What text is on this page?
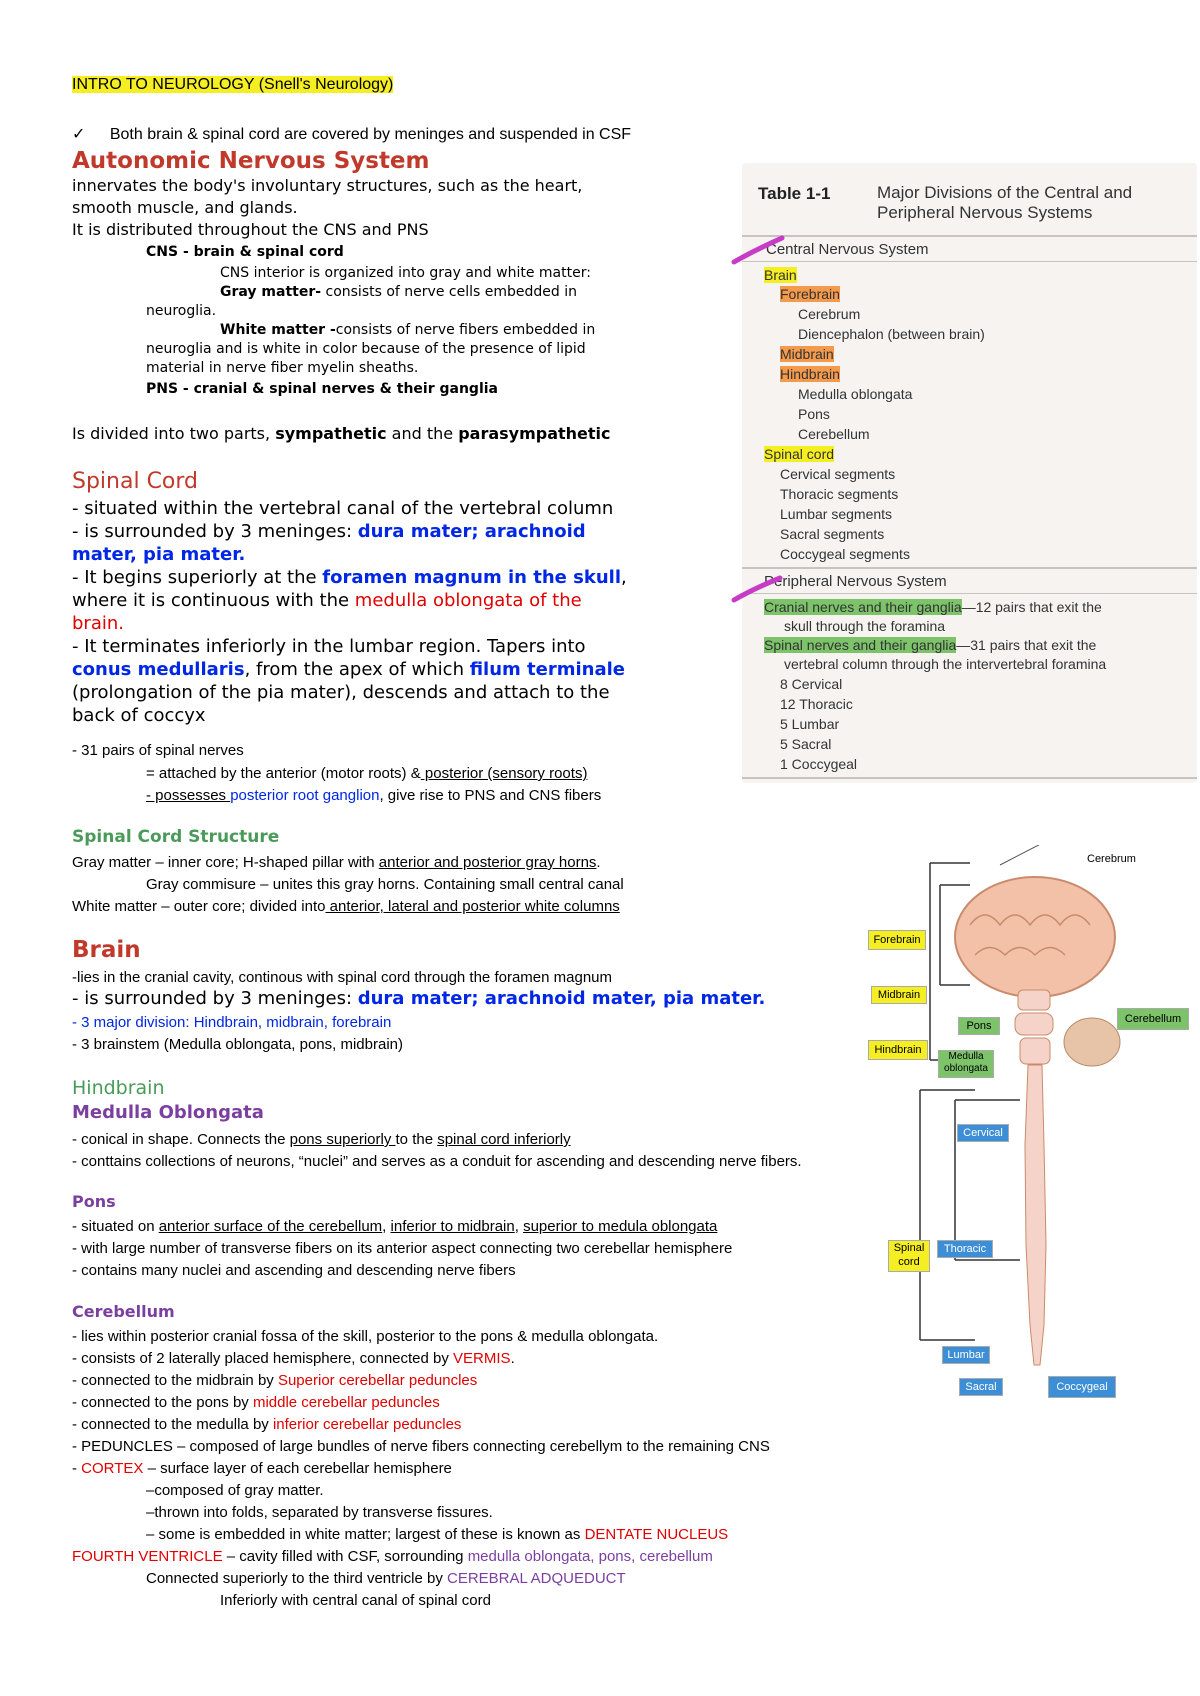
INTRO TO NEUROLOGY (Snell's Neurology)
✓ Both brain & spinal cord are covered by meninges and suspended in CSF
Autonomic Nervous System
innervates the body's involuntary structures, such as the heart,
smooth muscle, and glands.
It is distributed throughout the CNS and PNS
CNS - brain & spinal cord
CNS interior is organized into gray and white matter:
Gray matter- consists of nerve cells embedded in
neuroglia.
White matter -consists of nerve fibers embedded in
neuroglia and is white in color because of the presence of lipid
material in nerve fiber myelin sheaths.
PNS - cranial & spinal nerves & their ganglia
Is divided into two parts, sympathetic and the parasympathetic
Spinal Cord
- situated within the vertebral canal of the vertebral column
- is surrounded by 3 meninges: dura mater; arachnoid
mater, pia mater.
- It begins superiorly at the foramen magnum in the skull,
where it is continuous with the medulla oblongata of the
brain.
- It terminates inferiorly in the lumbar region. Tapers into
conus medullaris, from the apex of which filum terminale
(prolongation of the pia mater), descends and attach to the
back of coccyx
- 31 pairs of spinal nerves
= attached by the anterior (motor roots) & posterior (sensory roots)
- possesses posterior root ganglion, give rise to PNS and CNS fibers
Spinal Cord Structure
Gray matter – inner core; H-shaped pillar with anterior and posterior gray horns.
Gray commisure – unites this gray horns. Containing small central canal
White matter – outer core; divided into anterior, lateral and posterior white columns
Brain
-lies in the cranial cavity, continous with spinal cord through the foramen magnum
- is surrounded by 3 meninges: dura mater; arachnoid mater, pia mater.
- 3 major division: Hindbrain, midbrain, forebrain
- 3 brainstem (Medulla oblongata, pons, midbrain)
Hindbrain
Medulla Oblongata
- conical in shape. Connects the pons superiorly to the spinal cord inferiorly
- conttains collections of neurons, “nuclei” and serves as a conduit for ascending and descending nerve fibers.
Pons
- situated on anterior surface of the cerebellum, inferior to midbrain, superior to medula oblongata
- with large number of transverse fibers on its anterior aspect connecting two cerebellar hemisphere
- contains many nuclei and ascending and descending nerve fibers
Cerebellum
- lies within posterior cranial fossa of the skill, posterior to the pons & medulla oblongata.
- consists of 2 laterally placed hemisphere, connected by VERMIS.
- connected to the midbrain by Superior cerebellar peduncles
- connected to the pons by middle cerebellar peduncles
- connected to the medulla by inferior cerebellar peduncles
- PEDUNCLES – composed of large bundles of nerve fibers connecting cerebellym to the remaining CNS
- CORTEX – surface layer of each cerebellar hemisphere
–composed of gray matter.
–thrown into folds, separated by transverse fissures.
– some is embedded in white matter; largest of these is known as DENTATE NUCLEUS
FOURTH VENTRICLE – cavity filled with CSF, sorrounding medulla oblongata, pons, cerebellum
Connected superiorly to the third ventricle by CEREBRAL ADQUEDUCT
Inferiorly with central canal of spinal cord
Table 1-1	Major Divisions of the Central and
Peripheral Nervous Systems
Central Nervous System
Brain
Forebrain
Cerebrum
Diencephalon (between brain)
Midbrain
Hindbrain
Medulla oblongata
Pons
Cerebellum
Spinal cord
Cervical segments
Thoracic segments
Lumbar segments
Sacral segments
Coccygeal segments
Peripheral Nervous System
Cranial nerves and their ganglia—12 pairs that exit the
skull through the foramina
Spinal nerves and their ganglia—31 pairs that exit the
vertebral column through the intervertebral foramina
8 Cervical
12 Thoracic
5 Lumbar
5 Sacral
1 Coccygeal
Cerebrum
Forebrain
Midbrain
Pons
Cerebellum
Hindbrain
Medulla oblongata
Cervical
Spinal cord
Thoracic
Lumbar
Sacral	Coccygeal
